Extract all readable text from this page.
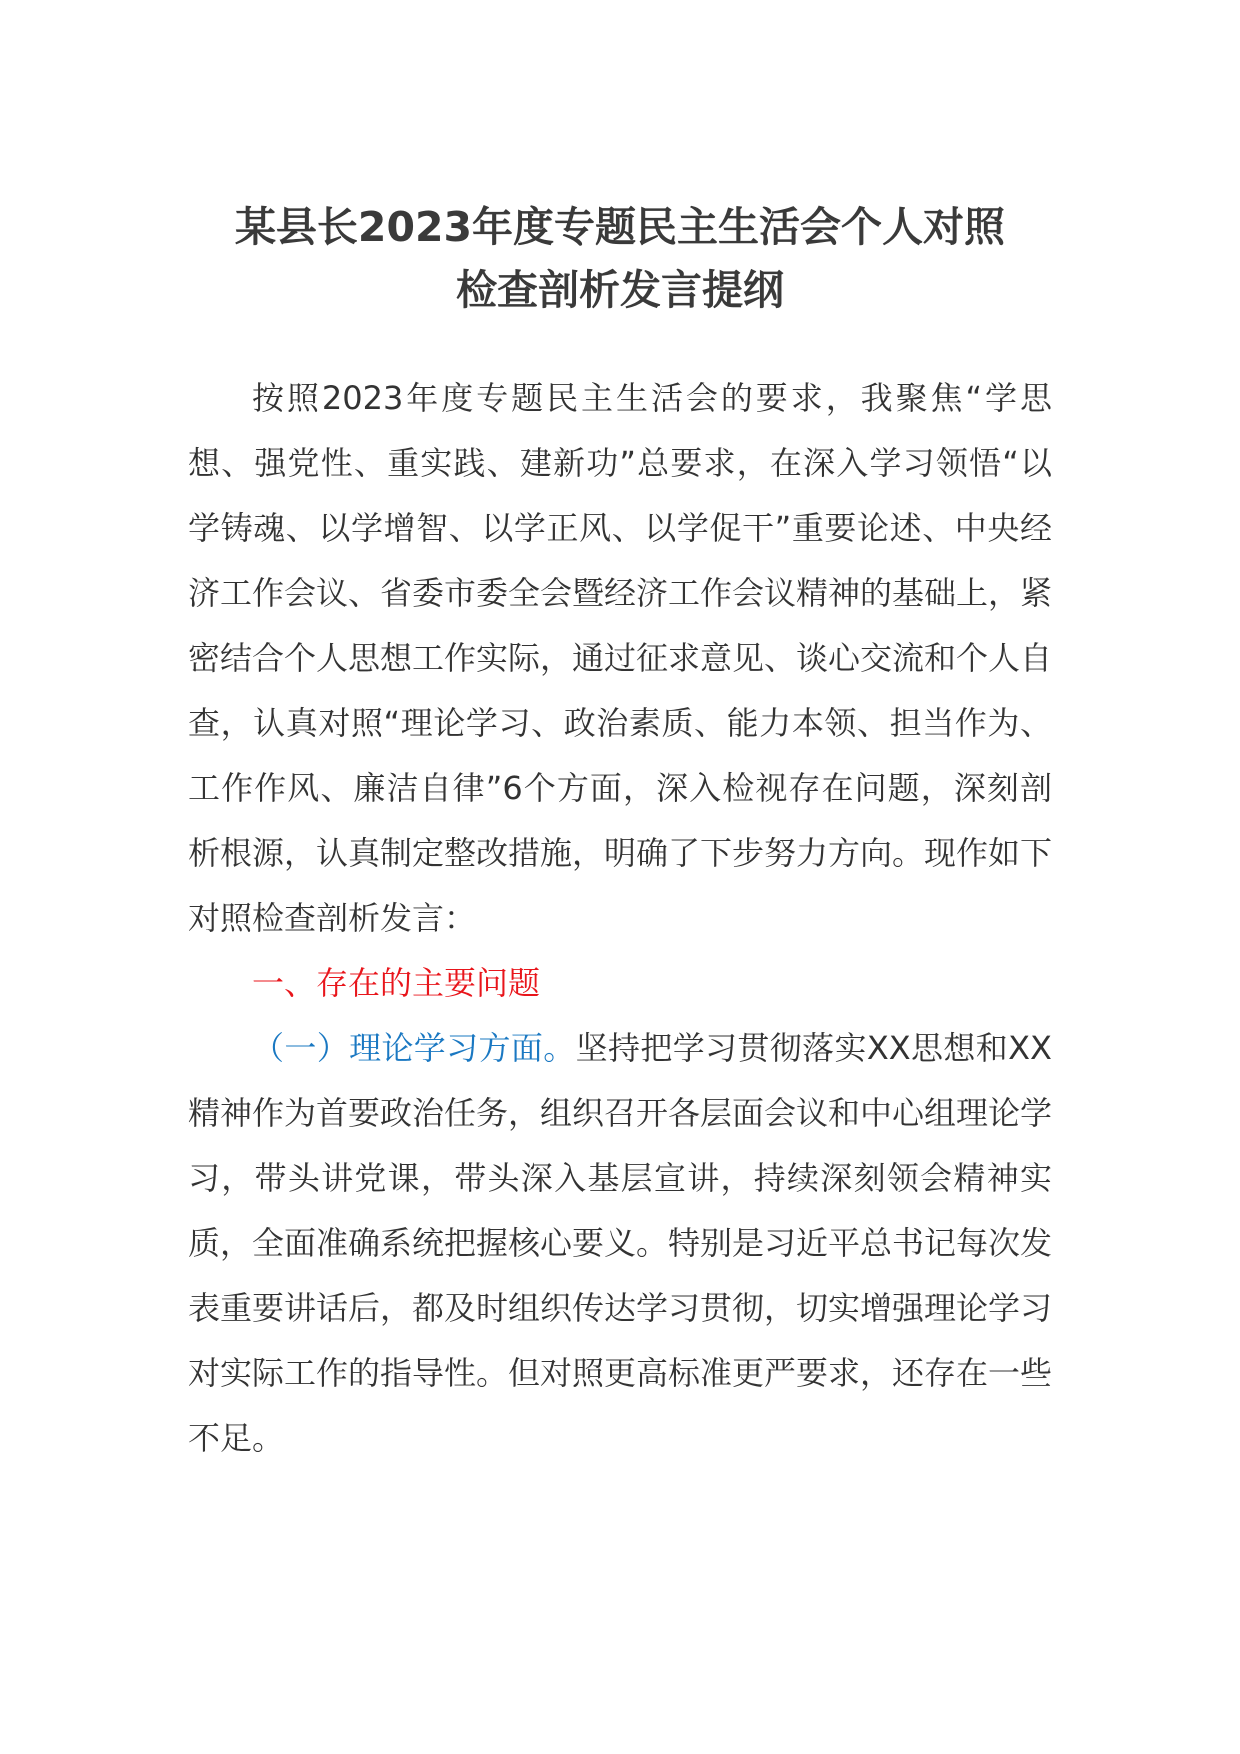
某县长2023年度专题民主生活会个人对照
检查剖析发言提纲

按照2023年度专题民主生活会的要求，我聚焦“学思想、强党性、重实践、建新功”总要求，在深入学习领悟“以学铸魂、以学增智、以学正风、以学促干”重要论述、中央经济工作会议、省委市委全会暨经济工作会议精神的基础上，紧密结合个人思想工作实际，通过征求意见、谈心交流和个人自查，认真对照“理论学习、政治素质、能力本领、担当作为、工作作风、廉洁自律”6个方面，深入检视存在问题，深刻剖析根源，认真制定整改措施，明确了下步努力方向。现作如下对照检查剖析发言：

一、存在的主要问题

（一）理论学习方面。坚持把学习贯彻落实XX思想和XX精神作为首要政治任务，组织召开各层面会议和中心组理论学习，带头讲党课，带头深入基层宣讲，持续深刻领会精神实质，全面准确系统把握核心要义。特别是习近平总书记每次发表重要讲话后，都及时组织传达学习贯彻，切实增强理论学习对实际工作的指导性。但对照更高标准更严要求，还存在一些不足。
